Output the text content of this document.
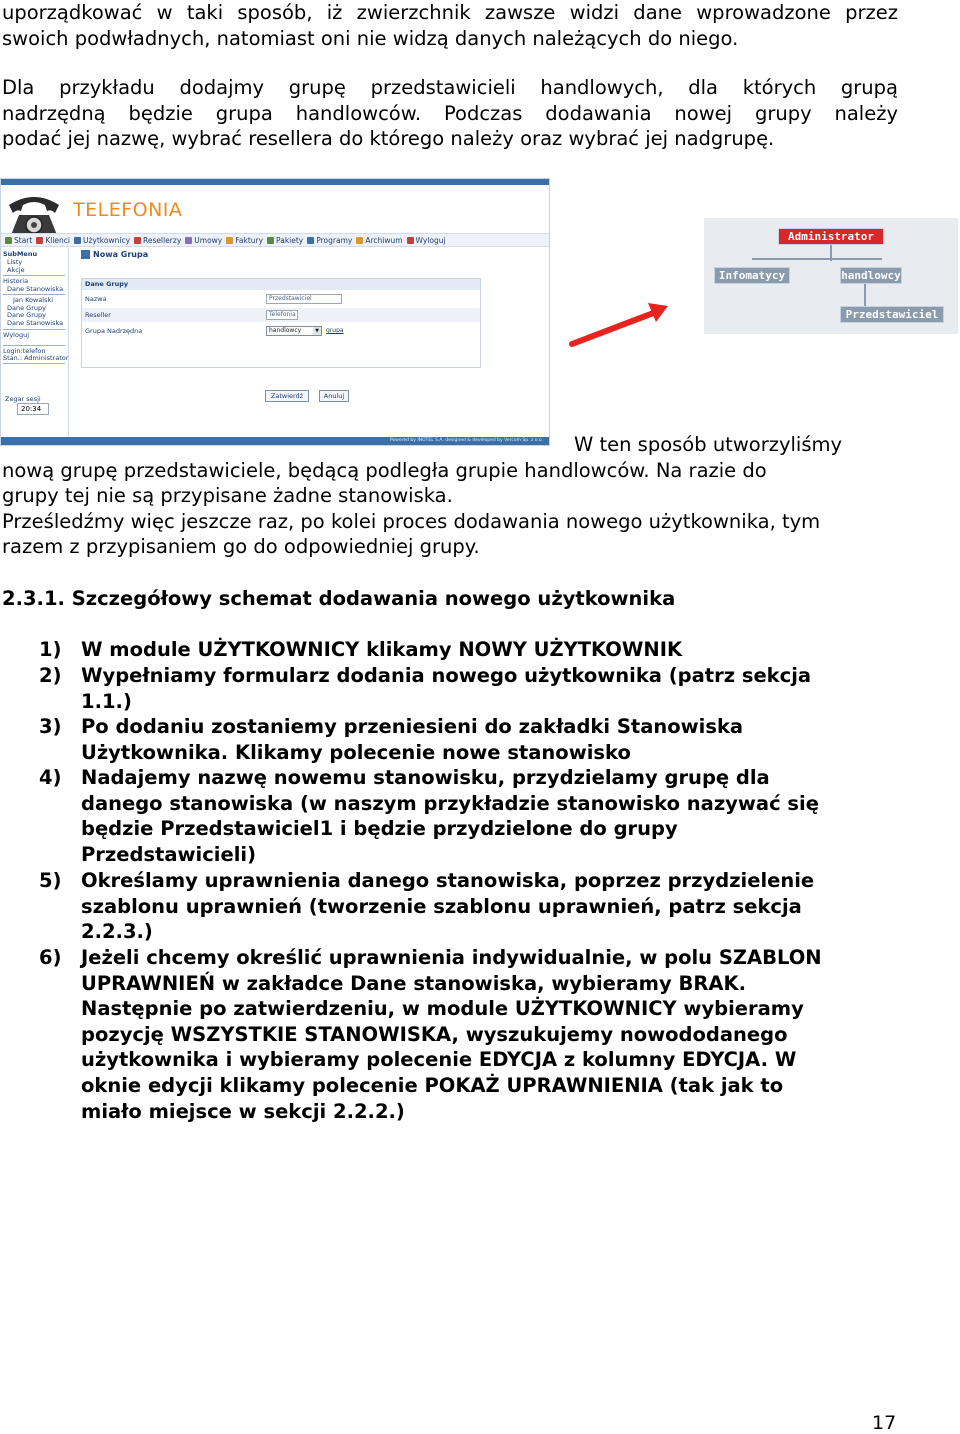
uporządkować w taki sposób, iż zwierzchnik zawsze widzi dane wprowadzone przez
swoich podwładnych, natomiast oni nie widzą danych należących do niego.
Dla przykładu dodajmy grupę przedstawicieli handlowych, dla których grupą
nadrzędną będzie grupa handlowców. Podczas dodawania nowej grupy należy
podać jej nazwę, wybrać resellera do którego należy oraz wybrać jej nadgrupę.
TELEFONIA
Start Klienci Użytkownicy Resellerzy Umowy Faktury Pakiety Programy Archiwum Wyloguj
SubMenu
Listy
Akcje
Historia
Dane Stanowiska
Jan Kowalski
Dane Grupy
Dane Grupy
Dane Stanowiska
Wyloguj
Login:telefon
Stan.: Administrator
Zegar sesji
20:34
Nowa Grupa
Dane Grupy
Nazwa	Przedstawiciel
Reseller	Telefonia
Grupa Nadrzędna	handlowcy	▼	grupa
Zatwierdź	Anuluj
Powered by INOTEL S.A. designed & developed by Vercom Sp. z o.o.
Administrator
Infomatycy	handlowcy
Przedstawiciel
W ten sposób utworzyliśmy
nową grupę przedstawiciele, będącą podległa grupie handlowców. Na razie do
grupy tej nie są przypisane żadne stanowiska.
Prześledźmy więc jeszcze raz, po kolei proces dodawania nowego użytkownika, tym
razem z przypisaniem go do odpowiedniej grupy.
2.3.1. Szczegółowy schemat dodawania nowego użytkownika
1)	W module UŻYTKOWNICY klikamy NOWY UŻYTKOWNIK
2)	Wypełniamy formularz dodania nowego użytkownika (patrz sekcja
1.1.)
3)	Po dodaniu zostaniemy przeniesieni do zakładki Stanowiska
Użytkownika. Klikamy polecenie nowe stanowisko
4)	Nadajemy nazwę nowemu stanowisku, przydzielamy grupę dla
danego stanowiska (w naszym przykładzie stanowisko nazywać się
będzie Przedstawiciel1 i będzie przydzielone do grupy
Przedstawicieli)
5)	Określamy uprawnienia danego stanowiska, poprzez przydzielenie
szablonu uprawnień (tworzenie szablonu uprawnień, patrz sekcja
2.2.3.)
6)	Jeżeli chcemy określić uprawnienia indywidualnie, w polu SZABLON
UPRAWNIEŃ w zakładce Dane stanowiska, wybieramy BRAK.
Następnie po zatwierdzeniu, w module UŻYTKOWNICY wybieramy
pozycję WSZYSTKIE STANOWISKA, wyszukujemy nowododanego
użytkownika i wybieramy polecenie EDYCJA z kolumny EDYCJA. W
oknie edycji klikamy polecenie POKAŻ UPRAWNIENIA (tak jak to
miało miejsce w sekcji 2.2.2.)
17
